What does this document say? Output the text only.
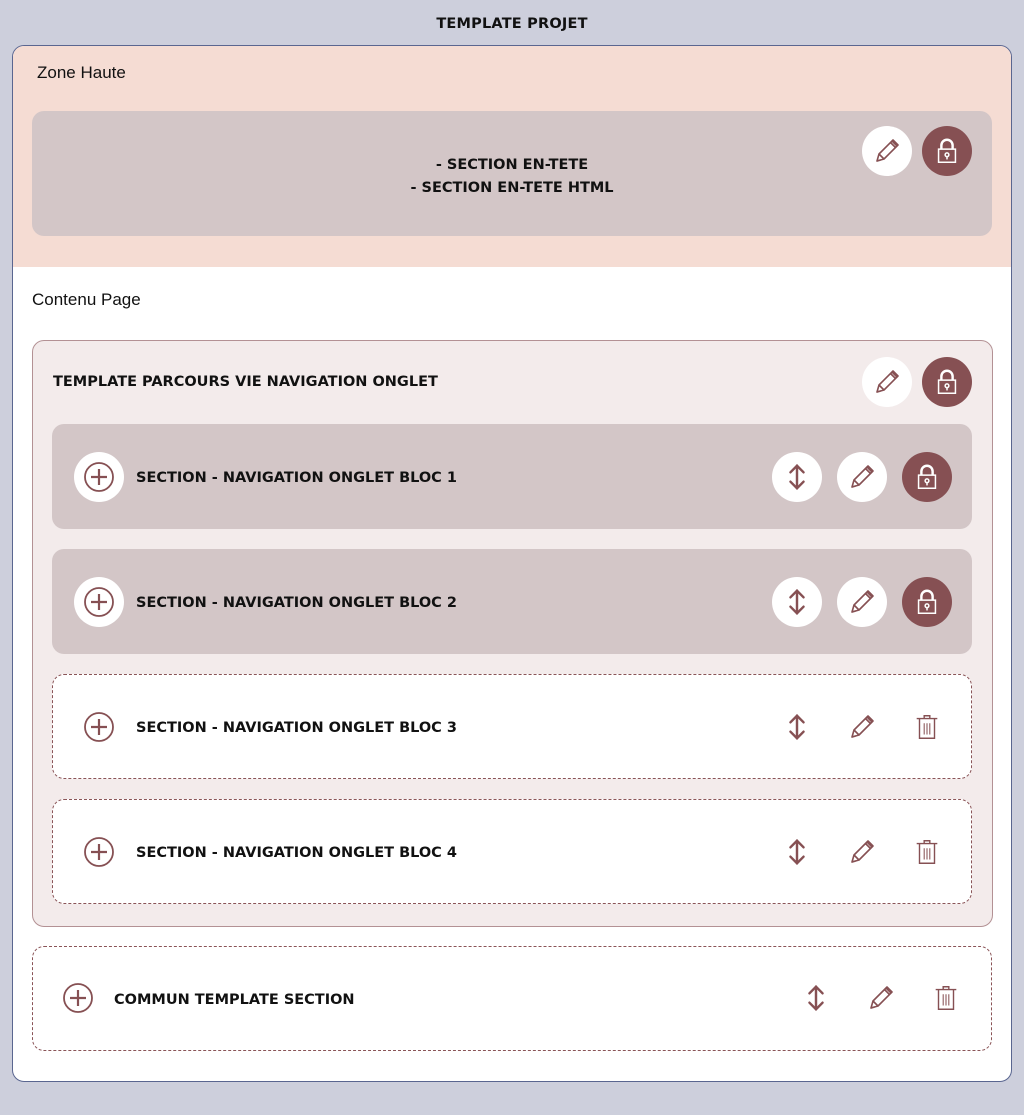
TEMPLATE PROJET
Zone Haute
- SECTION EN-TETE
- SECTION EN-TETE HTML
Contenu Page
TEMPLATE PARCOURS VIE NAVIGATION ONGLET
SECTION - NAVIGATION ONGLET BLOC 1
SECTION - NAVIGATION ONGLET BLOC 2
SECTION - NAVIGATION ONGLET BLOC 3
SECTION - NAVIGATION ONGLET BLOC 4
COMMUN TEMPLATE SECTION
